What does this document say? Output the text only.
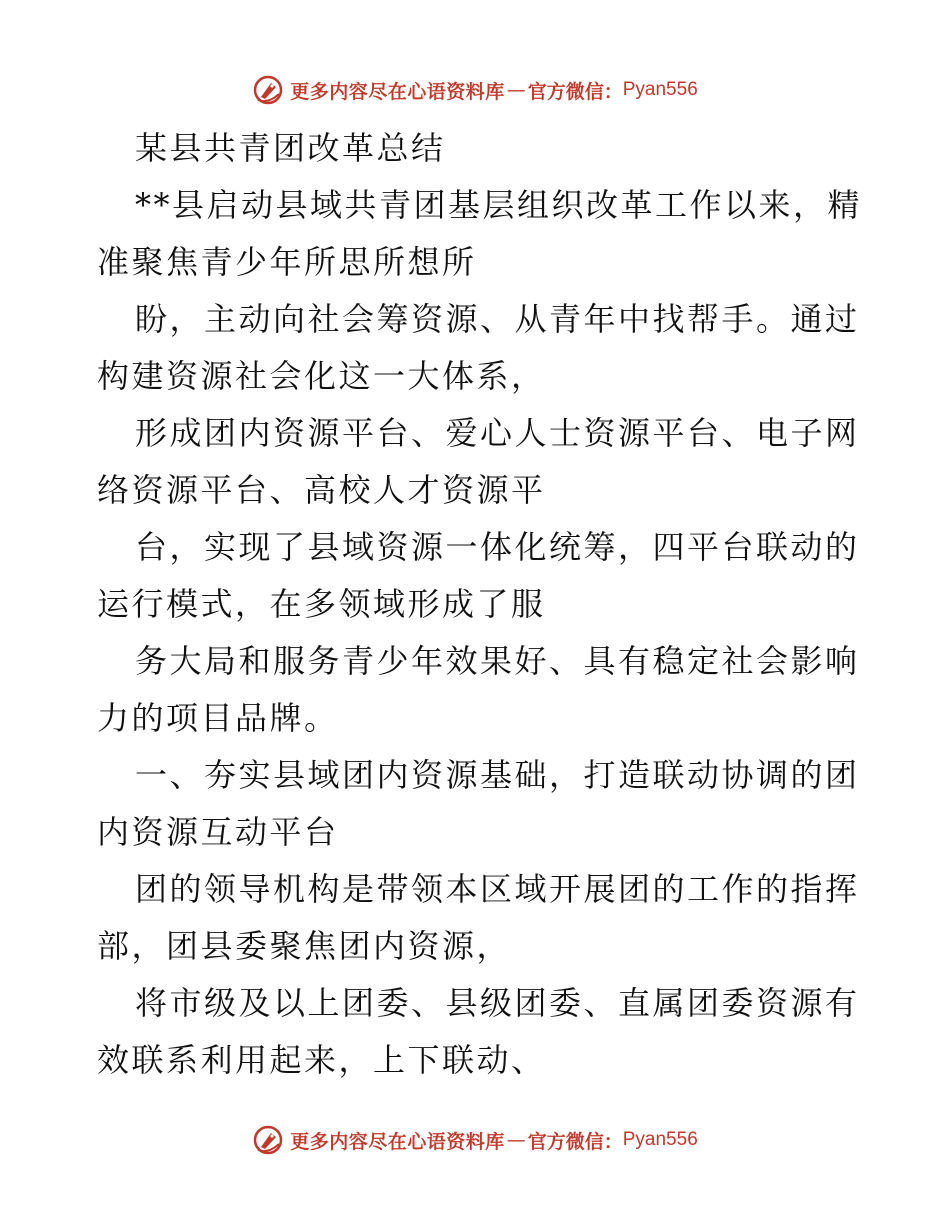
更多内容尽在心语资料库 — 官方微信： Pyan556
某县共青团改革总结
**县启动县域共青团基层组织改革工作以来，精
准聚焦青少年所思所想所
盼，主动向社会筹资源、从青年中找帮手。通过
构建资源社会化这一大体系，
形成团内资源平台、爱心人士资源平台、电子网
络资源平台、高校人才资源平
台，实现了县域资源一体化统筹，四平台联动的
运行模式，在多领域形成了服
务大局和服务青少年效果好、具有稳定社会影响
力的项目品牌。
一、夯实县域团内资源基础，打造联动协调的团
内资源互动平台
团的领导机构是带领本区域开展团的工作的指挥
部，团县委聚焦团内资源，
将市级及以上团委、县级团委、直属团委资源有
效联系利用起来，上下联动、
更多内容尽在心语资料库 — 官方微信： Pyan556
